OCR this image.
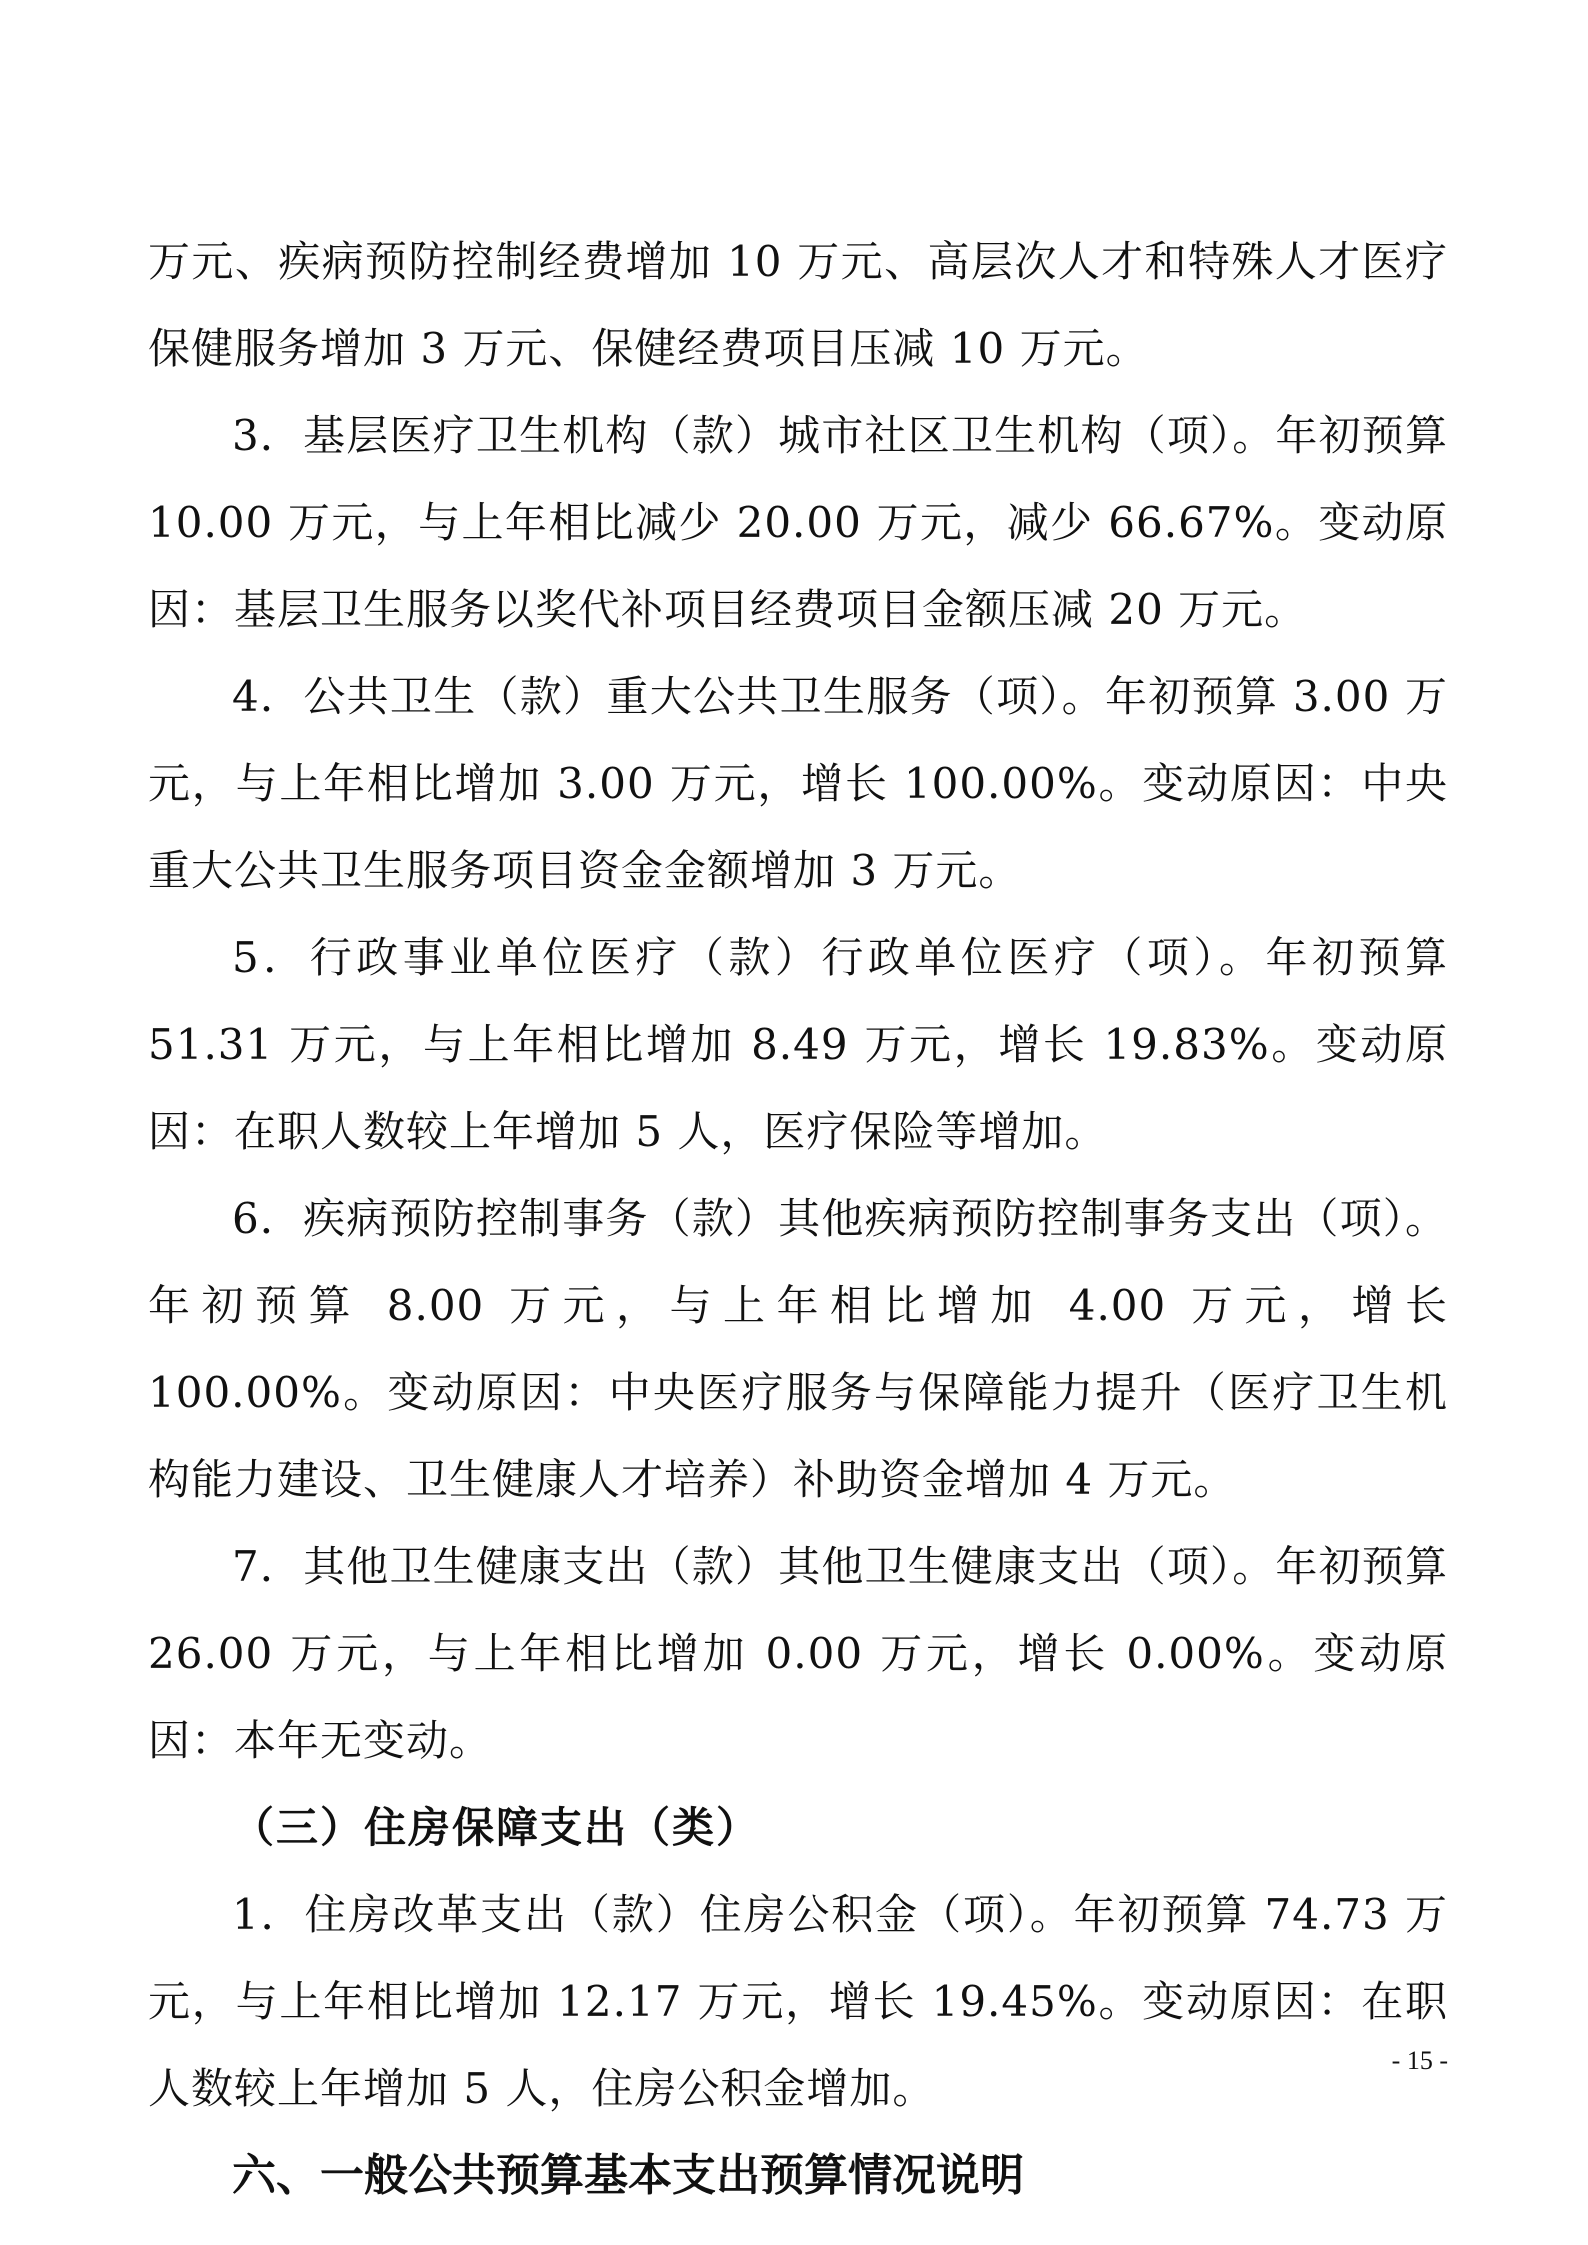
万元、疾病预防控制经费增加 10 万元、高层次人才和特殊人才医疗保健服务增加 3 万元、保健经费项目压减 10 万元。

3．基层医疗卫生机构（款）城市社区卫生机构（项）。年初预算 10.00 万元，与上年相比减少 20.00 万元，减少 66.67%。变动原因：基层卫生服务以奖代补项目经费项目金额压减 20 万元。

4．公共卫生（款）重大公共卫生服务（项）。年初预算 3.00 万元，与上年相比增加 3.00 万元，增长 100.00%。变动原因：中央重大公共卫生服务项目资金金额增加 3 万元。

5．行政事业单位医疗（款）行政单位医疗（项）。年初预算 51.31 万元，与上年相比增加 8.49 万元，增长 19.83%。变动原因：在职人数较上年增加 5 人，医疗保险等增加。

6．疾病预防控制事务（款）其他疾病预防控制事务支出（项）。年初预算 8.00 万元，与上年相比增加 4.00 万元，增长 100.00%。变动原因：中央医疗服务与保障能力提升（医疗卫生机构能力建设、卫生健康人才培养）补助资金增加 4 万元。

7．其他卫生健康支出（款）其他卫生健康支出（项）。年初预算 26.00 万元，与上年相比增加 0.00 万元，增长 0.00%。变动原因：本年无变动。

（三）住房保障支出（类）

1．住房改革支出（款）住房公积金（项）。年初预算 74.73 万元，与上年相比增加 12.17 万元，增长 19.45%。变动原因：在职人数较上年增加 5 人，住房公积金增加。

六、一般公共预算基本支出预算情况说明

- 15 -
